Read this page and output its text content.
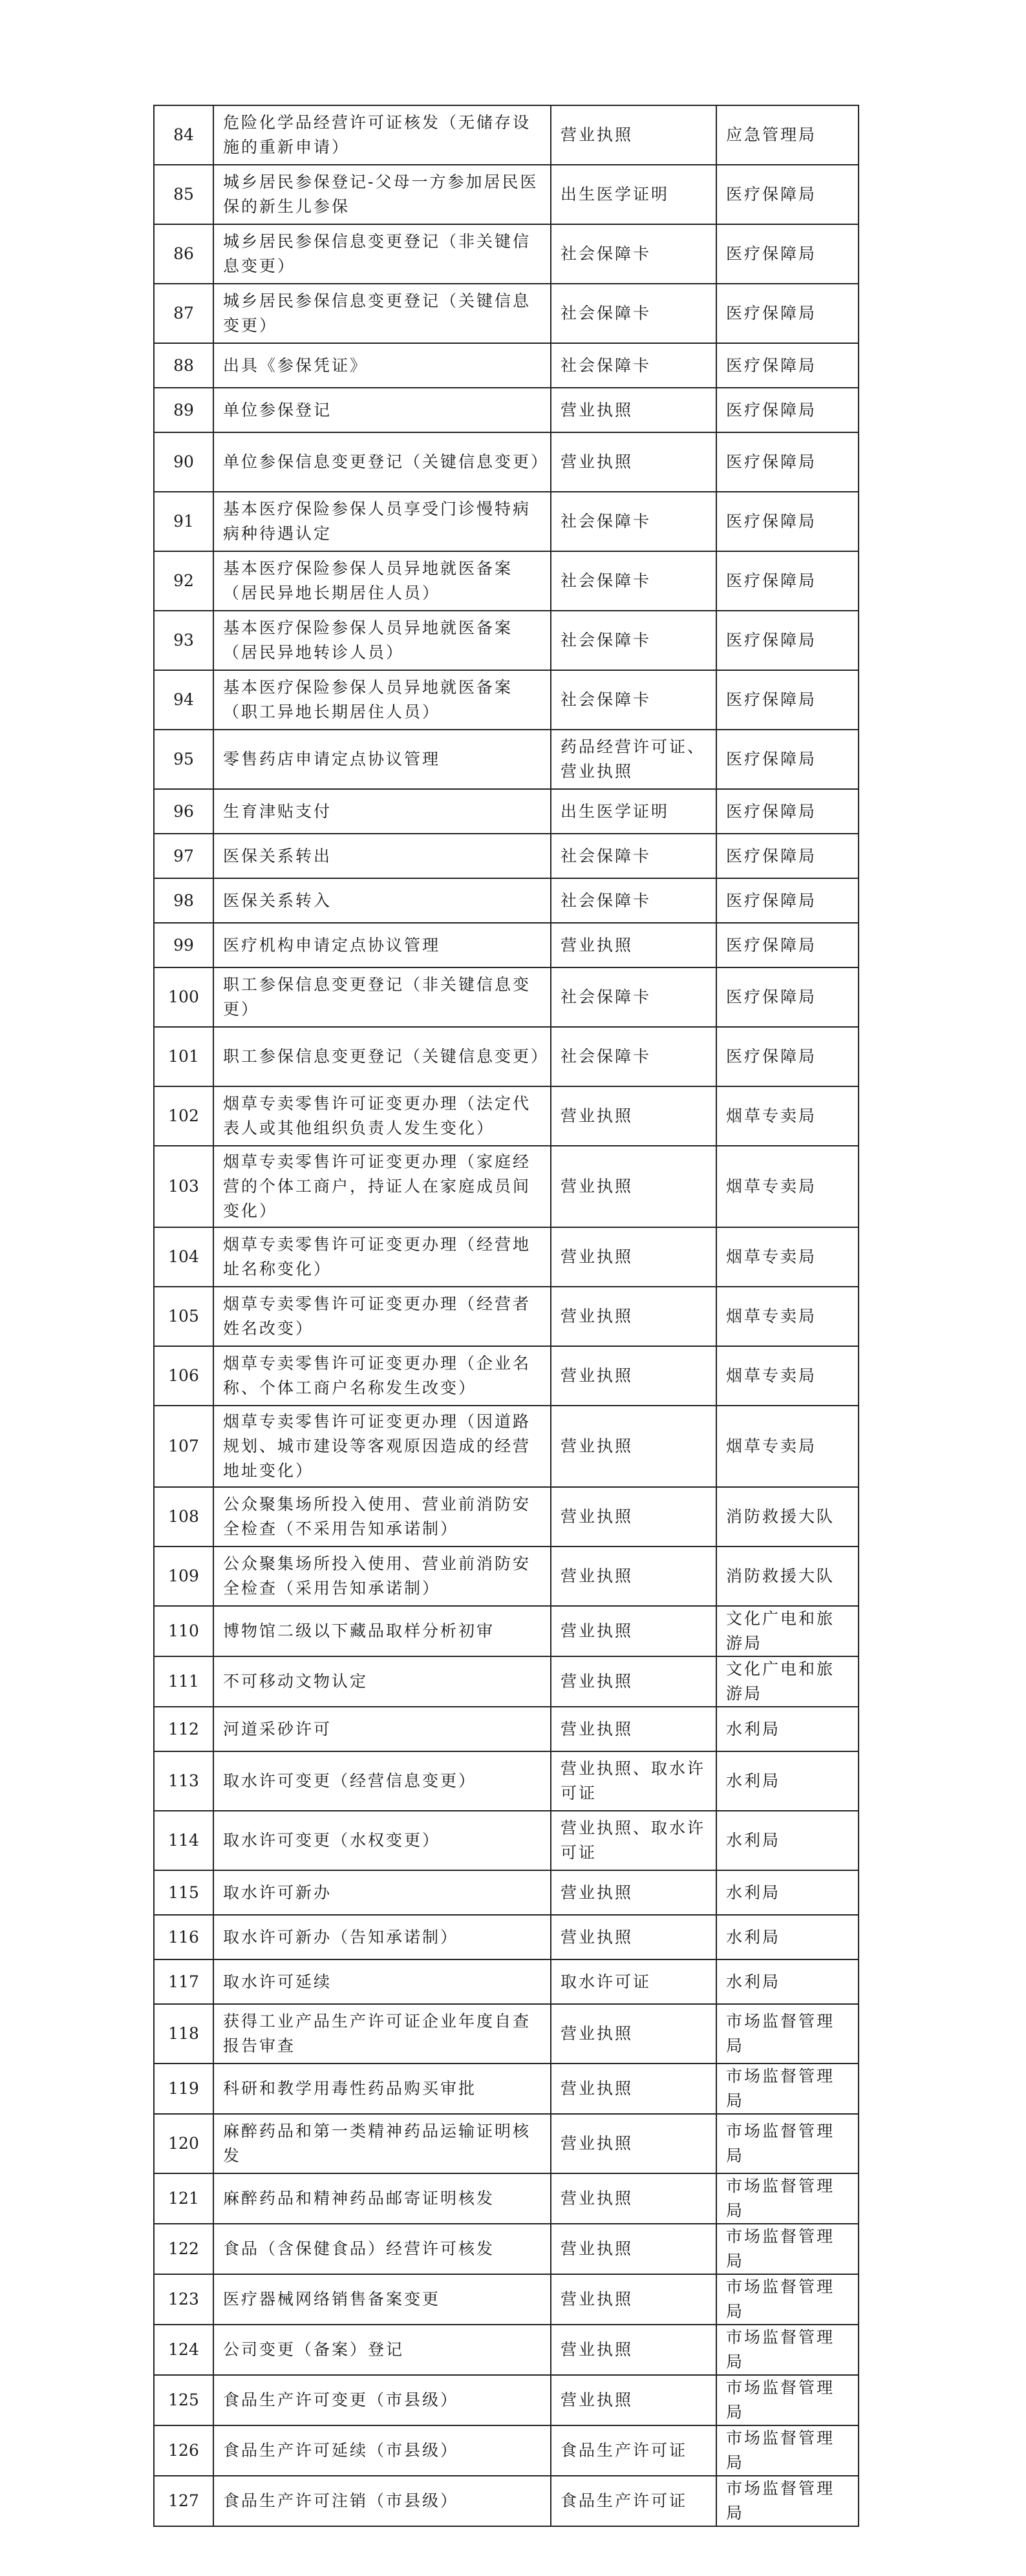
84	危险化学品经营许可证核发（无储存设施的重新申请）	营业执照	应急管理局
85	城乡居民参保登记-父母一方参加居民医保的新生儿参保	出生医学证明	医疗保障局
86	城乡居民参保信息变更登记（非关键信息变更）	社会保障卡	医疗保障局
87	城乡居民参保信息变更登记（关键信息变更）	社会保障卡	医疗保障局
88	出具《参保凭证》	社会保障卡	医疗保障局
89	单位参保登记	营业执照	医疗保障局
90	单位参保信息变更登记（关键信息变更）	营业执照	医疗保障局
91	基本医疗保险参保人员享受门诊慢特病病种待遇认定	社会保障卡	医疗保障局
92	基本医疗保险参保人员异地就医备案（居民异地长期居住人员）	社会保障卡	医疗保障局
93	基本医疗保险参保人员异地就医备案（居民异地转诊人员）	社会保障卡	医疗保障局
94	基本医疗保险参保人员异地就医备案（职工异地长期居住人员）	社会保障卡	医疗保障局
95	零售药店申请定点协议管理	药品经营许可证、营业执照	医疗保障局
96	生育津贴支付	出生医学证明	医疗保障局
97	医保关系转出	社会保障卡	医疗保障局
98	医保关系转入	社会保障卡	医疗保障局
99	医疗机构申请定点协议管理	营业执照	医疗保障局
100	职工参保信息变更登记（非关键信息变更）	社会保障卡	医疗保障局
101	职工参保信息变更登记（关键信息变更）	社会保障卡	医疗保障局
102	烟草专卖零售许可证变更办理（法定代表人或其他组织负责人发生变化）	营业执照	烟草专卖局
103	烟草专卖零售许可证变更办理（家庭经营的个体工商户，持证人在家庭成员间变化）	营业执照	烟草专卖局
104	烟草专卖零售许可证变更办理（经营地址名称变化）	营业执照	烟草专卖局
105	烟草专卖零售许可证变更办理（经营者姓名改变）	营业执照	烟草专卖局
106	烟草专卖零售许可证变更办理（企业名称、个体工商户名称发生改变）	营业执照	烟草专卖局
107	烟草专卖零售许可证变更办理（因道路规划、城市建设等客观原因造成的经营地址变化）	营业执照	烟草专卖局
108	公众聚集场所投入使用、营业前消防安全检查（不采用告知承诺制）	营业执照	消防救援大队
109	公众聚集场所投入使用、营业前消防安全检查（采用告知承诺制）	营业执照	消防救援大队
110	博物馆二级以下藏品取样分析初审	营业执照	文化广电和旅游局
111	不可移动文物认定	营业执照	文化广电和旅游局
112	河道采砂许可	营业执照	水利局
113	取水许可变更（经营信息变更）	营业执照、取水许可证	水利局
114	取水许可变更（水权变更）	营业执照、取水许可证	水利局
115	取水许可新办	营业执照	水利局
116	取水许可新办（告知承诺制）	营业执照	水利局
117	取水许可延续	取水许可证	水利局
118	获得工业产品生产许可证企业年度自查报告审查	营业执照	市场监督管理局
119	科研和教学用毒性药品购买审批	营业执照	市场监督管理局
120	麻醉药品和第一类精神药品运输证明核发	营业执照	市场监督管理局
121	麻醉药品和精神药品邮寄证明核发	营业执照	市场监督管理局
122	食品（含保健食品）经营许可核发	营业执照	市场监督管理局
123	医疗器械网络销售备案变更	营业执照	市场监督管理局
124	公司变更（备案）登记	营业执照	市场监督管理局
125	食品生产许可变更（市县级）	营业执照	市场监督管理局
126	食品生产许可延续（市县级）	食品生产许可证	市场监督管理局
127	食品生产许可注销（市县级）	食品生产许可证	市场监督管理局
